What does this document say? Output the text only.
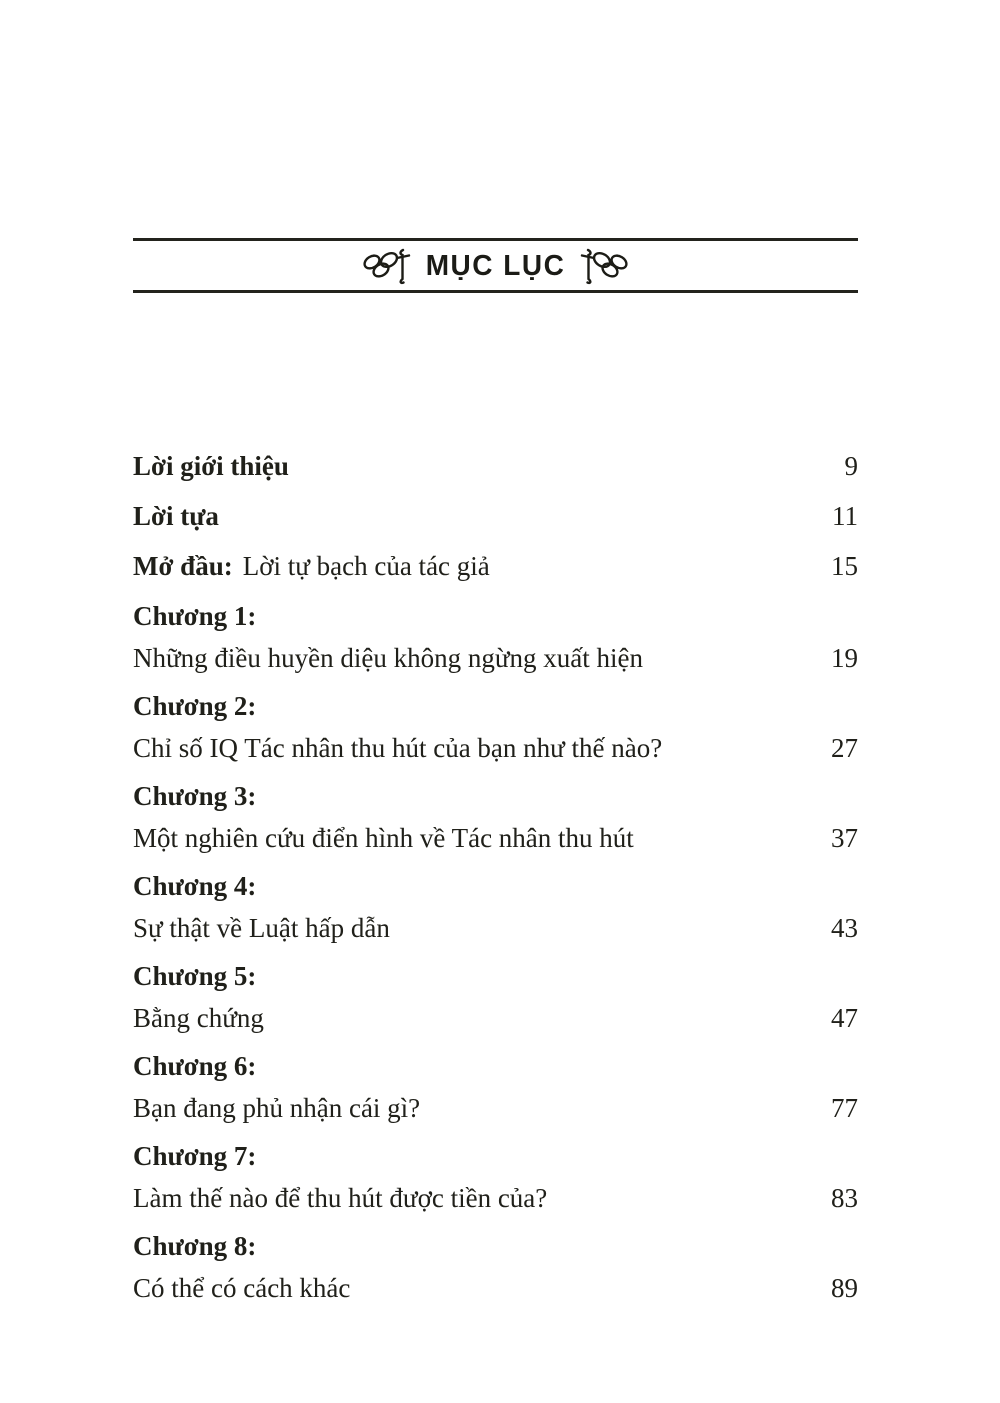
MỤC LỤC
Lời giới thiệu	9
Lời tựa	11
Mở đầu: Lời tự bạch của tác giả	15
Chương 1:
Những điều huyền diệu không ngừng xuất hiện	19
Chương 2:
Chỉ số IQ Tác nhân thu hút của bạn như thế nào?	27
Chương 3:
Một nghiên cứu điển hình về Tác nhân thu hút	37
Chương 4:
Sự thật về Luật hấp dẫn	43
Chương 5:
Bằng chứng	47
Chương 6:
Bạn đang phủ nhận cái gì?	77
Chương 7:
Làm thế nào để thu hút được tiền của?	83
Chương 8:
Có thể có cách khác	89
